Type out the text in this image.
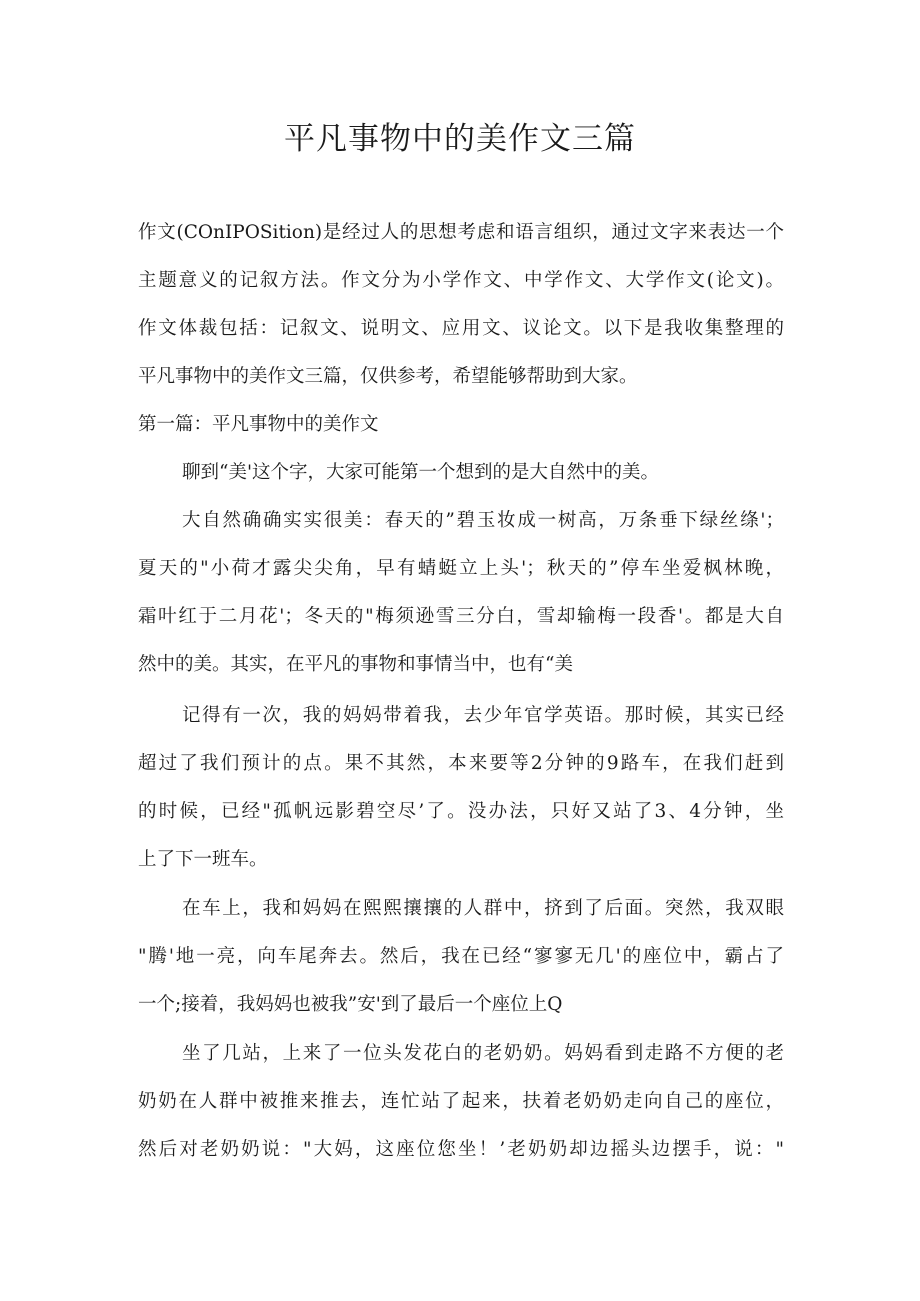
平凡事物中的美作文三篇

作文(COnIPOSition)是经过人的思想考虑和语言组织，通过文字来表达一个

主题意义的记叙方法。作文分为小学作文、中学作文、大学作文(论文)。

作文体裁包括：记叙文、说明文、应用文、议论文。以下是我收集整理的

平凡事物中的美作文三篇，仅供参考，希望能够帮助到大家。

第一篇：平凡事物中的美作文

聊到“美'这个字，大家可能第一个想到的是大自然中的美。

大自然确确实实很美：春天的”碧玉妆成一树高，万条垂下绿丝绦'；

夏天的"小荷才露尖尖角，早有蜻蜓立上头'；秋天的”停车坐爱枫林晚，

霜叶红于二月花'；冬天的"梅须逊雪三分白，雪却输梅一段香'。都是大自

然中的美。其实，在平凡的事物和事情当中，也有“美

记得有一次，我的妈妈带着我，去少年官学英语。那时候，其实已经

超过了我们预计的点。果不其然，本来要等2分钟的9路车，在我们赶到

的时候，已经"孤帆远影碧空尽’了。没办法，只好又站了3、4分钟，坐

上了下一班车。

在车上，我和妈妈在熙熙攘攘的人群中，挤到了后面。突然，我双眼

"腾'地一亮，向车尾奔去。然后，我在已经“寥寥无几'的座位中，霸占了

一个;接着，我妈妈也被我”安'到了最后一个座位上Q

坐了几站，上来了一位头发花白的老奶奶。妈妈看到走路不方便的老

奶奶在人群中被推来推去，连忙站了起来，扶着老奶奶走向自己的座位，

然后对老奶奶说："大妈，这座位您坐！’老奶奶却边摇头边摆手，说："
